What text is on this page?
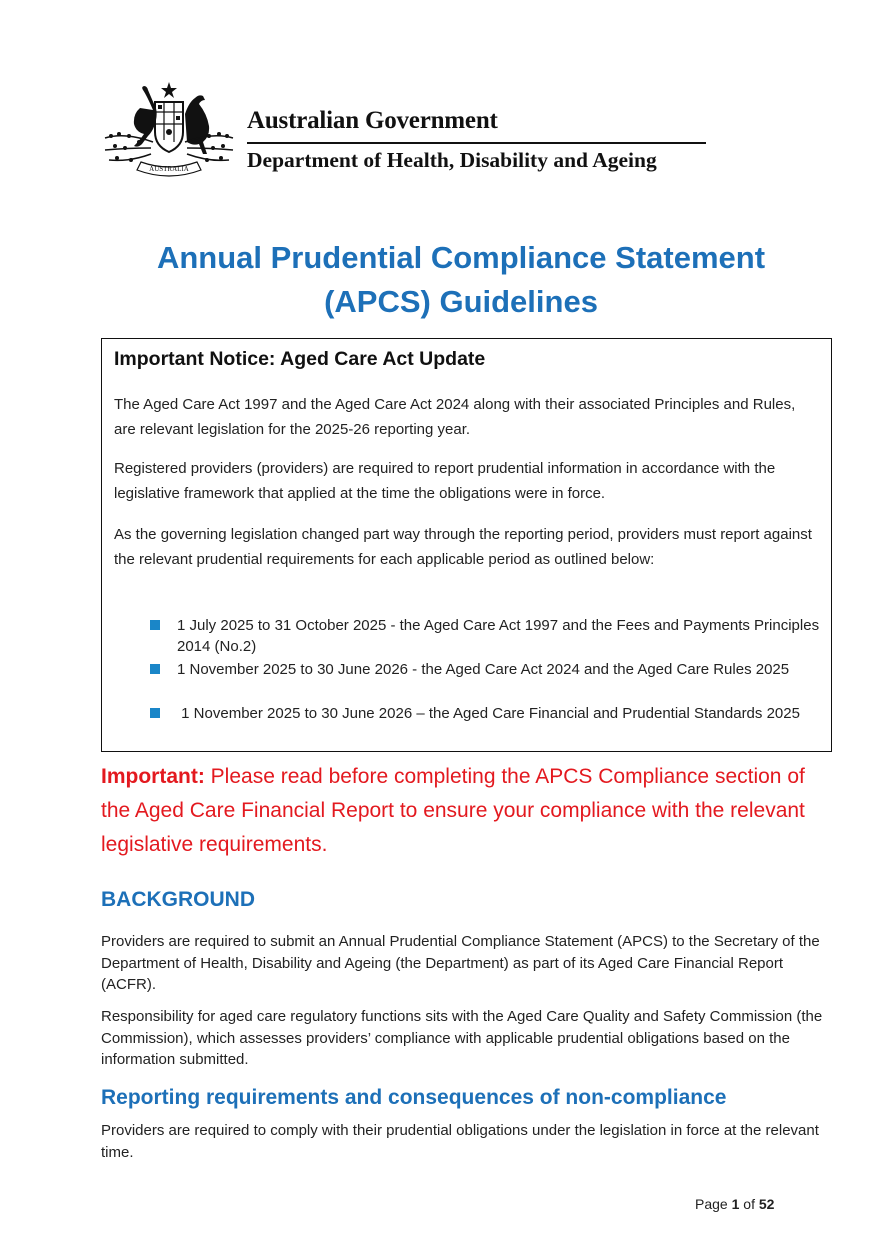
AUSTRALIA
Australian Government
Department of Health, Disability and Ageing
Annual Prudential Compliance Statement
(APCS) Guidelines
Important Notice: Aged Care Act Update

The Aged Care Act 1997 and the Aged Care Act 2024 along with their associated Principles and Rules, are relevant legislation for the 2025-26 reporting year.

Registered providers (providers) are required to report prudential information in accordance with the legislative framework that applied at the time the obligations were in force.

As the governing legislation changed part way through the reporting period, providers must report against the relevant prudential requirements for each applicable period as outlined below:

1 July 2025 to 31 October 2025 - the Aged Care Act 1997 and the Fees and Payments Principles 2014 (No.2)
1 November 2025 to 30 June 2026 - the Aged Care Act 2024 and the Aged Care Rules 2025
1 November 2025 to 30 June 2026 – the Aged Care Financial and Prudential Standards 2025
Important: Please read before completing the APCS Compliance section of the Aged Care Financial Report to ensure your compliance with the relevant legislative requirements.
BACKGROUND

Providers are required to submit an Annual Prudential Compliance Statement (APCS) to the Secretary of the Department of Health, Disability and Ageing (the Department) as part of its Aged Care Financial Report (ACFR).

Responsibility for aged care regulatory functions sits with the Aged Care Quality and Safety Commission (the Commission), which assesses providers’ compliance with applicable prudential obligations based on the information submitted.

Reporting requirements and consequences of non-compliance

Providers are required to comply with their prudential obligations under the legislation in force at the relevant time.

Page 1 of 52
